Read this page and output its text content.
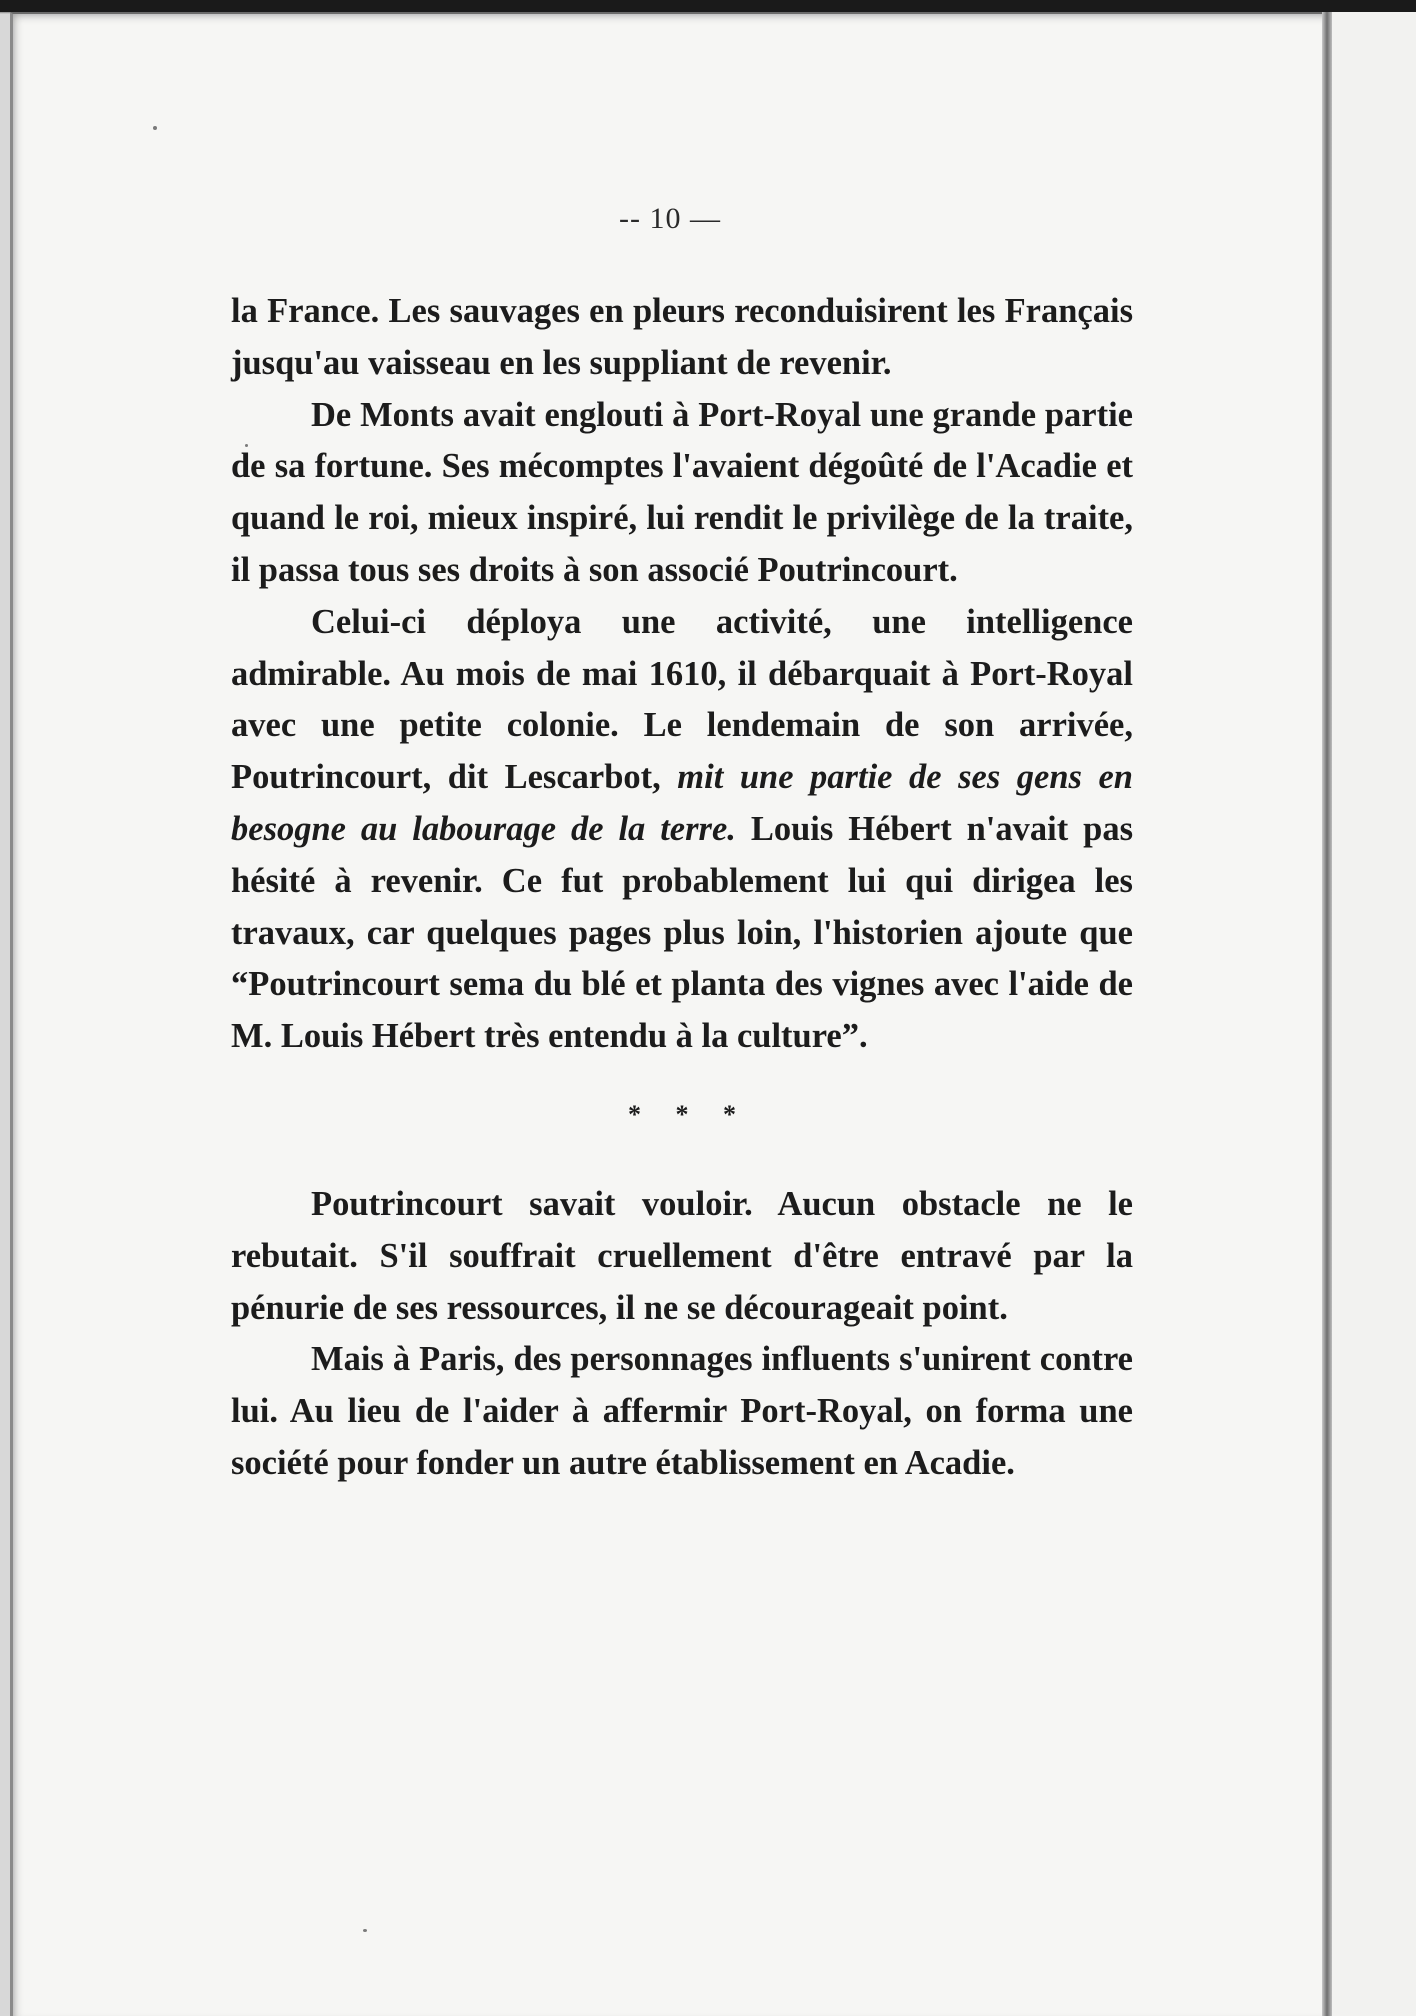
-- 10 —

la France. Les sauvages en pleurs reconduisirent les Français jusqu'au vaisseau en les suppliant de revenir.

De Monts avait englouti à Port-Royal une grande partie de sa fortune. Ses mécomptes l'avaient dégoûté de l'Acadie et quand le roi, mieux inspiré, lui rendit le privilège de la traite, il passa tous ses droits à son associé Poutrincourt.

Celui-ci déploya une activité, une intelligence admirable. Au mois de mai 1610, il débarquait à Port-Royal avec une petite colonie. Le lendemain de son arrivée, Poutrincourt, dit Lescarbot, mit une partie de ses gens en besogne au labourage de la terre. Louis Hébert n'avait pas hésité à revenir. Ce fut probablement lui qui dirigea les travaux, car quelques pages plus loin, l'historien ajoute que “Poutrincourt sema du blé et planta des vignes avec l'aide de M. Louis Hébert très entendu à la culture”.

* * *

Poutrincourt savait vouloir. Aucun obstacle ne le rebutait. S'il souffrait cruellement d'être entravé par la pénurie de ses ressources, il ne se décourageait point.

Mais à Paris, des personnages influents s'unirent contre lui. Au lieu de l'aider à affermir Port-Royal, on forma une société pour fonder un autre établissement en Acadie.
